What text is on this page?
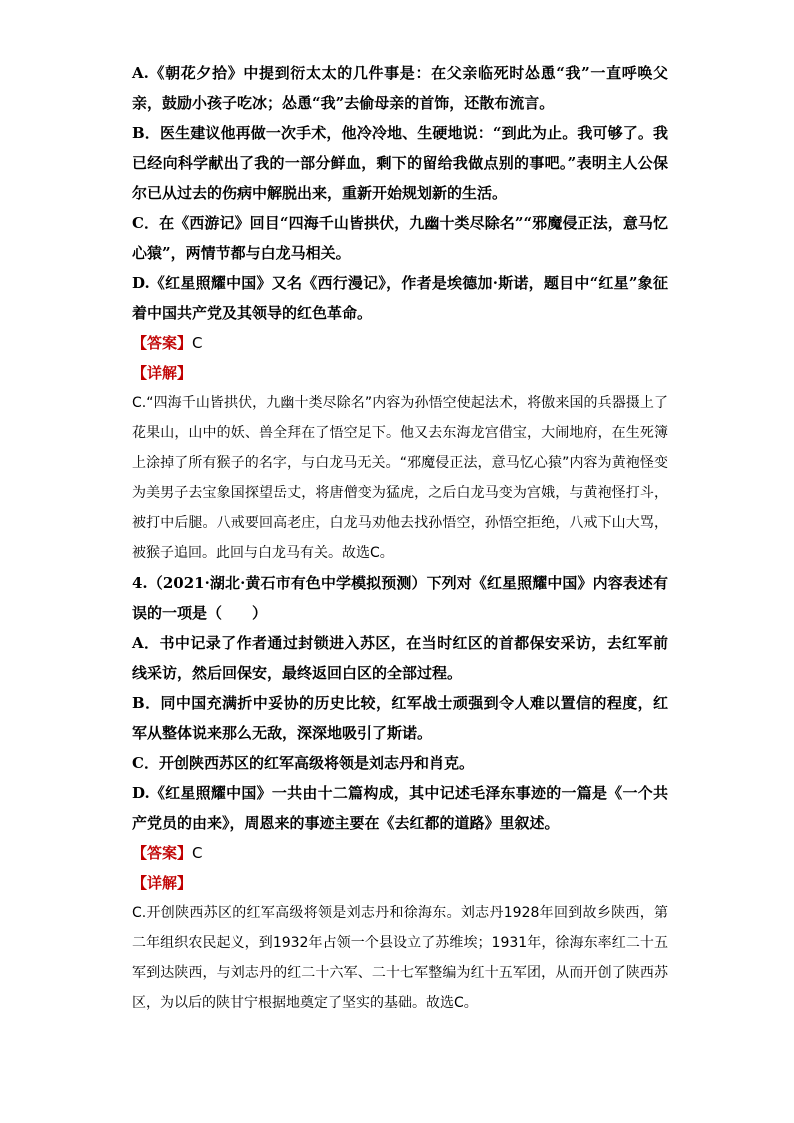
A.《朝花夕拾》中提到衍太太的几件事是：在父亲临死时怂恿“我”一直呼唤父亲，鼓励小孩子吃冰；怂恿“我”去偷母亲的首饰，还散布流言。

B．医生建议他再做一次手术，他冷冷地、生硬地说：“到此为止。我可够了。我已经向科学献出了我的一部分鲜血，剩下的留给我做点别的事吧。”表明主人公保尔已从过去的伤病中解脱出来，重新开始规划新的生活。

C．在《西游记》回目“四海千山皆拱伏，九幽十类尽除名”“邪魔侵正法，意马忆心猿”，两情节都与白龙马相关。

D.《红星照耀中国》又名《西行漫记》，作者是埃德加·斯诺，题目中“红星”象征着中国共产党及其领导的红色革命。

【答案】C

【详解】

C.“四海千山皆拱伏，九幽十类尽除名”内容为孙悟空使起法术，将傲来国的兵器摄上了花果山，山中的妖、兽全拜在了悟空足下。他又去东海龙宫借宝，大闹地府，在生死簿上涂掉了所有猴子的名字，与白龙马无关。“邪魔侵正法，意马忆心猿”内容为黄袍怪变为美男子去宝象国探望岳丈，将唐僧变为猛虎，之后白龙马变为宫娥，与黄袍怪打斗，被打中后腿。八戒要回高老庄，白龙马劝他去找孙悟空，孙悟空拒绝，八戒下山大骂，被猴子追回。此回与白龙马有关。故选C。

4.（2021·湖北·黄石市有色中学模拟预测）下列对《红星照耀中国》内容表述有误的一项是（　　）

A．书中记录了作者通过封锁进入苏区，在当时红区的首都保安采访，去红军前线采访，然后回保安，最终返回白区的全部过程。

B．同中国充满折中妥协的历史比较，红军战士顽强到令人难以置信的程度，红军从整体说来那么无敌，深深地吸引了斯诺。

C．开创陕西苏区的红军高级将领是刘志丹和肖克。

D.《红星照耀中国》一共由十二篇构成，其中记述毛泽东事迹的一篇是《一个共产党员的由来》，周恩来的事迹主要在《去红都的道路》里叙述。

【答案】C

【详解】

C.开创陕西苏区的红军高级将领是刘志丹和徐海东。刘志丹1928年回到故乡陕西，第二年组织农民起义，到1932年占领一个县设立了苏维埃；1931年，徐海东率红二十五军到达陕西，与刘志丹的红二十六军、二十七军整编为红十五军团，从而开创了陕西苏区，为以后的陕甘宁根据地奠定了坚实的基础。故选C。
